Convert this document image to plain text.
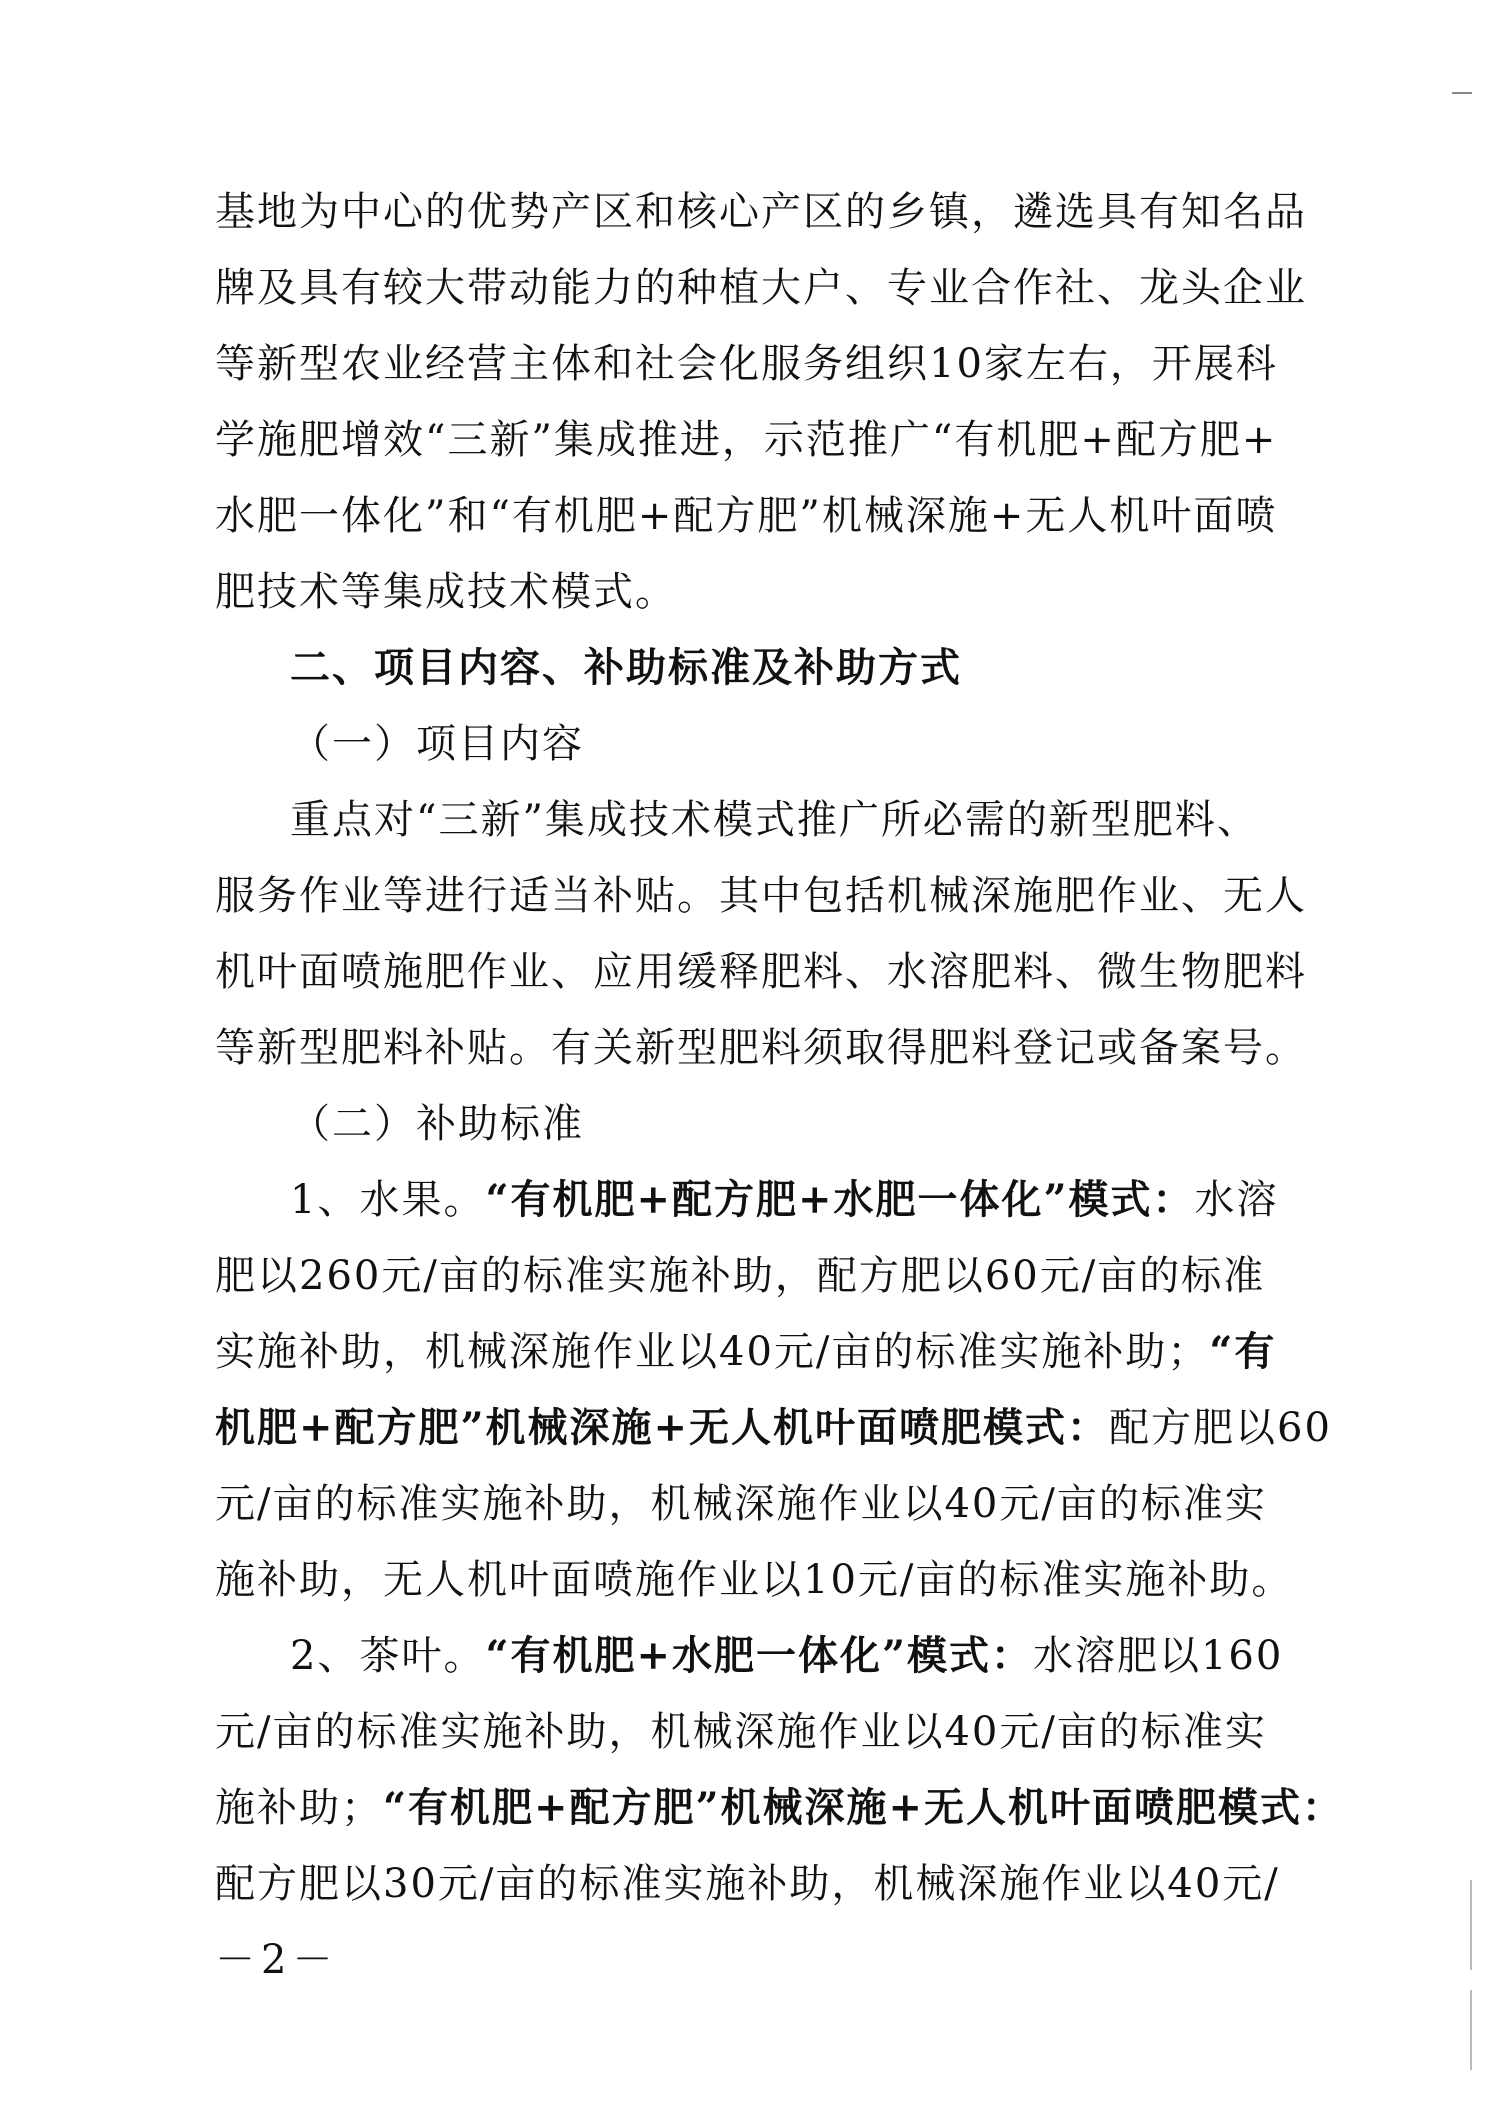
基地为中心的优势产区和核心产区的乡镇，遴选具有知名品
牌及具有较大带动能力的种植大户、专业合作社、龙头企业
等新型农业经营主体和社会化服务组织10家左右，开展科
学施肥增效“三新”集成推进，示范推广“有机肥+配方肥+
水肥一体化”和“有机肥+配方肥”机械深施+无人机叶面喷
肥技术等集成技术模式。
二、项目内容、补助标准及补助方式
（一）项目内容
重点对“三新”集成技术模式推广所必需的新型肥料、
服务作业等进行适当补贴。其中包括机械深施肥作业、无人
机叶面喷施肥作业、应用缓释肥料、水溶肥料、微生物肥料
等新型肥料补贴。有关新型肥料须取得肥料登记或备案号。
（二）补助标准
1、水果。“有机肥+配方肥+水肥一体化”模式：水溶
肥以260元/亩的标准实施补助，配方肥以60元/亩的标准
实施补助，机械深施作业以40元/亩的标准实施补助；“有
机肥+配方肥”机械深施+无人机叶面喷肥模式：配方肥以60
元/亩的标准实施补助，机械深施作业以40元/亩的标准实
施补助，无人机叶面喷施作业以10元/亩的标准实施补助。
2、茶叶。“有机肥+水肥一体化”模式：水溶肥以160
元/亩的标准实施补助，机械深施作业以40元/亩的标准实
施补助；“有机肥+配方肥”机械深施+无人机叶面喷肥模式：
配方肥以30元/亩的标准实施补助，机械深施作业以40元/
－2－
